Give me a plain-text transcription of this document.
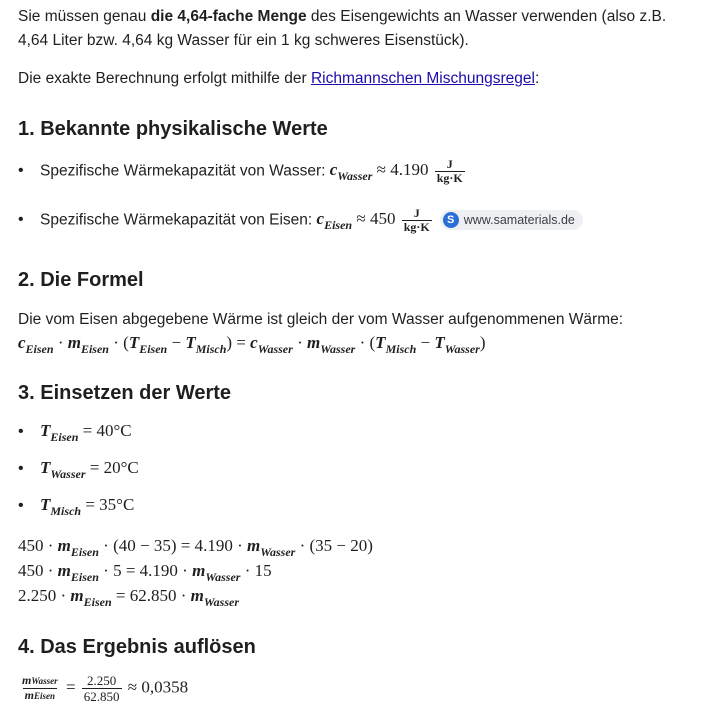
Sie müssen genau die 4,64-fache Menge des Eisengewichts an Wasser verwenden (also z.B. 4,64 Liter bzw. 4,64 kg Wasser für ein 1 kg schweres Eisenstück).

Die exakte Berechnung erfolgt mithilfe der Richmannschen Mischungsregel:

1. Bekannte physikalische Werte
• Spezifische Wärmekapazität von Wasser: $c_{Wasser} \approx 4.190 \frac{J}{kg\cdot K}$
• Spezifische Wärmekapazität von Eisen: $c_{Eisen} \approx 450 \frac{J}{kg\cdot K}$	S www.samaterials.de
2. Die Formel

Die vom Eisen abgegebene Wärme ist gleich der vom Wasser aufgenommenen Wärme:

$c_{Eisen} \cdot m_{Eisen} \cdot (T_{Eisen} - T_{Misch}) = c_{Wasser} \cdot m_{Wasser} \cdot (T_{Misch} - T_{Wasser})$
3. Einsetzen der Werte
• $T_{Eisen} = 40^\circ C$
• $T_{Wasser} = 20^\circ C$
• $T_{Misch} = 35^\circ C$
$450 \cdot m_{Eisen} \cdot (40 - 35) = 4.190 \cdot m_{Wasser} \cdot (35 - 20)$
$450 \cdot m_{Eisen} \cdot 5 = 4.190 \cdot m_{Wasser} \cdot 15$
$2.250 \cdot m_{Eisen} = 62.850 \cdot m_{Wasser}$
4. Das Ergebnis auflösen
$\frac{\text{mWasser}}{\text{mEisen}} = \frac{2.250}{62.850} \approx 0,0358$
